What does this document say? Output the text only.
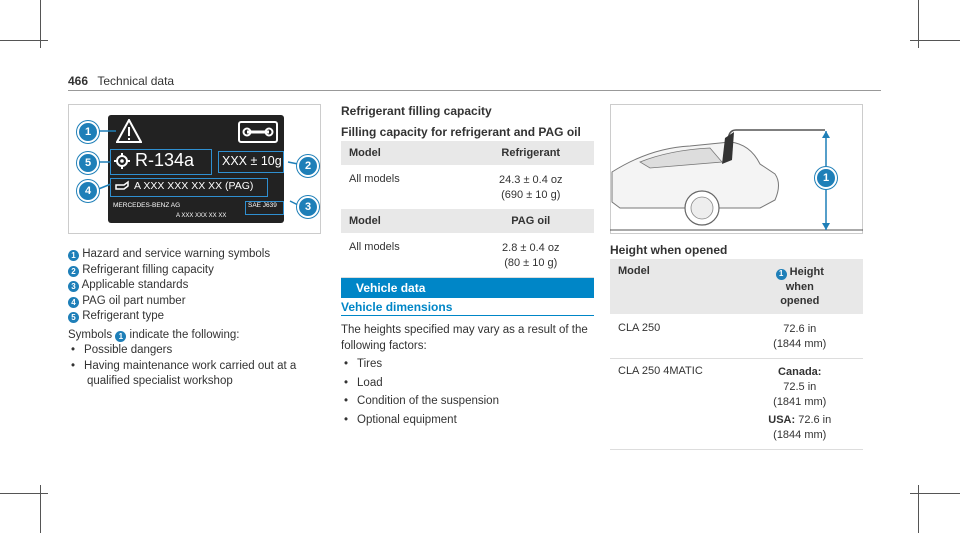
466 Technical data
R-134a XXX ± 10g
A XXX XXX XX XX (PAG)
MERCEDES-BENZ AG	SAE J639
A XXX XXX XX XX
1
5
4
2
3
1 Hazard and service warning symbols
2 Refrigerant filling capacity
3 Applicable standards
4 PAG oil part number
5 Refrigerant type
Symbols 1 indicate the following:
• Possible dangers
• Having maintenance work carried out at a
qualified specialist workshop
Refrigerant filling capacity
Filling capacity for refrigerant and PAG oil
Model	Refrigerant
All models	24.3 ± 0.4 oz
(690 ± 10 g)

Model	PAG oil
All models	2.8 ± 0.4 oz
(80 ± 10 g)
Vehicle data
Vehicle dimensions
The heights specified may vary as a result of the
following factors:
• Tires
• Load
• Condition of the suspension
• Optional equipment
1
Height when opened
Model	1 Height
when
opened

CLA 250	72.6 in
(1844 mm)

CLA 250 4MATIC	Canada:
72.5 in
(1841 mm)
USA: 72.6 in
(1844 mm)
